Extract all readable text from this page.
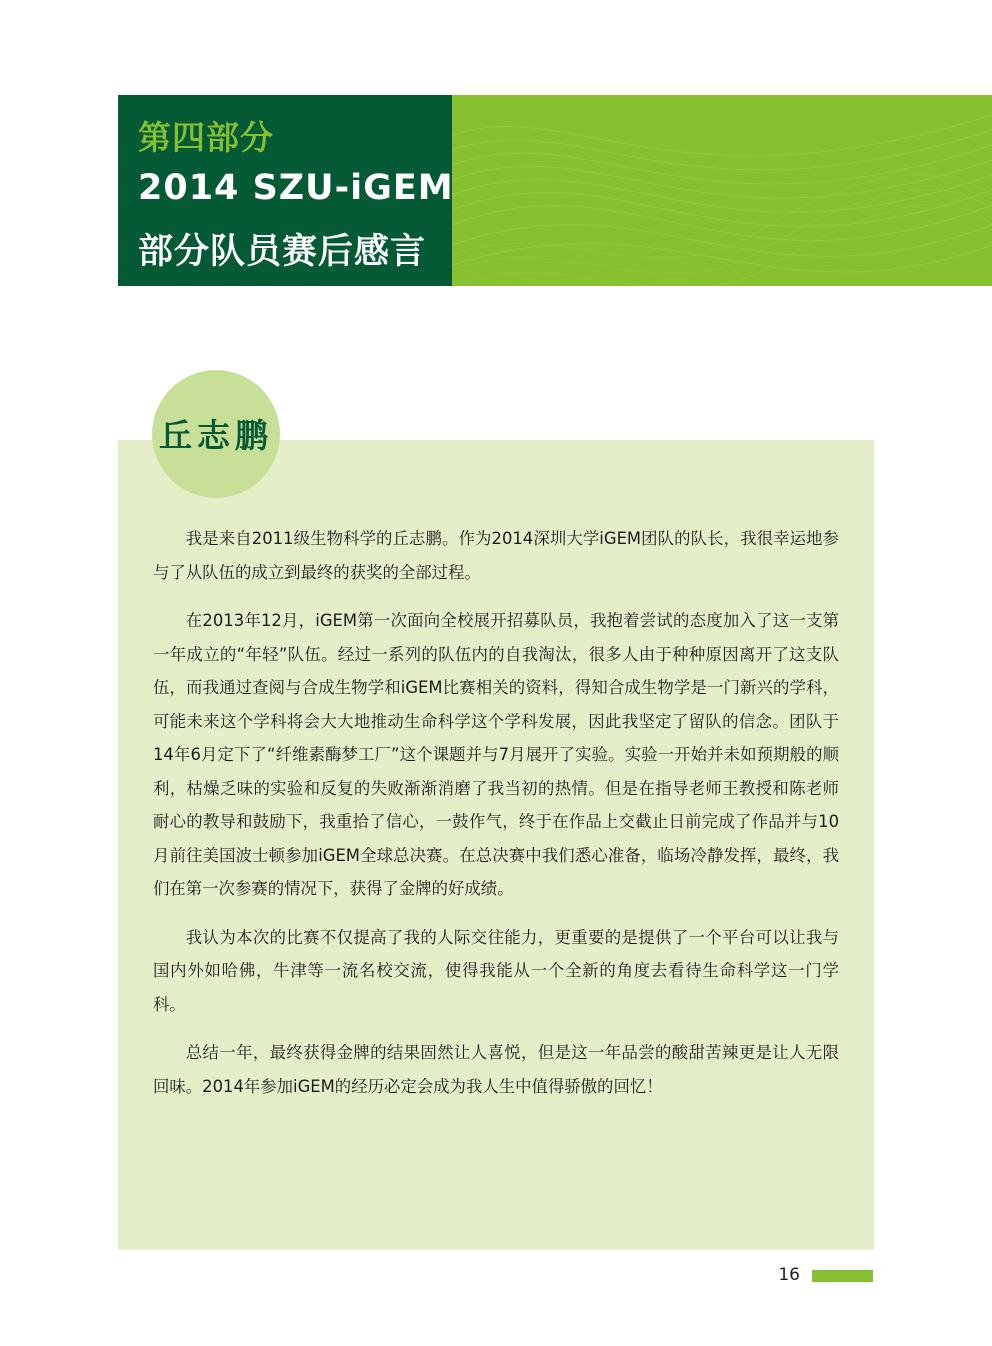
第四部分
2014 SZU-iGEM
部分队员赛后感言
丘志鹏

我是来自2011级生物科学的丘志鹏。作为2014深圳大学iGEM团队的队长，我很幸运地参与了从队伍的成立到最终的获奖的全部过程。

在2013年12月，iGEM第一次面向全校展开招募队员，我抱着尝试的态度加入了这一支第一年成立的“年轻”队伍。经过一系列的队伍内的自我淘汰，很多人由于种种原因离开了这支队伍，而我通过查阅与合成生物学和iGEM比赛相关的资料，得知合成生物学是一门新兴的学科，可能未来这个学科将会大大地推动生命科学这个学科发展，因此我坚定了留队的信念。团队于14年6月定下了“纤维素酶梦工厂”这个课题并与7月展开了实验。实验一开始并未如预期般的顺利，枯燥乏味的实验和反复的失败渐渐消磨了我当初的热情。但是在指导老师王教授和陈老师耐心的教导和鼓励下，我重拾了信心，一鼓作气，终于在作品上交截止日前完成了作品并与10月前往美国波士顿参加iGEM全球总决赛。在总决赛中我们悉心准备，临场冷静发挥，最终，我们在第一次参赛的情况下，获得了金牌的好成绩。

我认为本次的比赛不仅提高了我的人际交往能力，更重要的是提供了一个平台可以让我与国内外如哈佛，牛津等一流名校交流，使得我能从一个全新的角度去看待生命科学这一门学科。

总结一年，最终获得金牌的结果固然让人喜悦，但是这一年品尝的酸甜苦辣更是让人无限回味。2014年参加iGEM的经历必定会成为我人生中值得骄傲的回忆！

16
